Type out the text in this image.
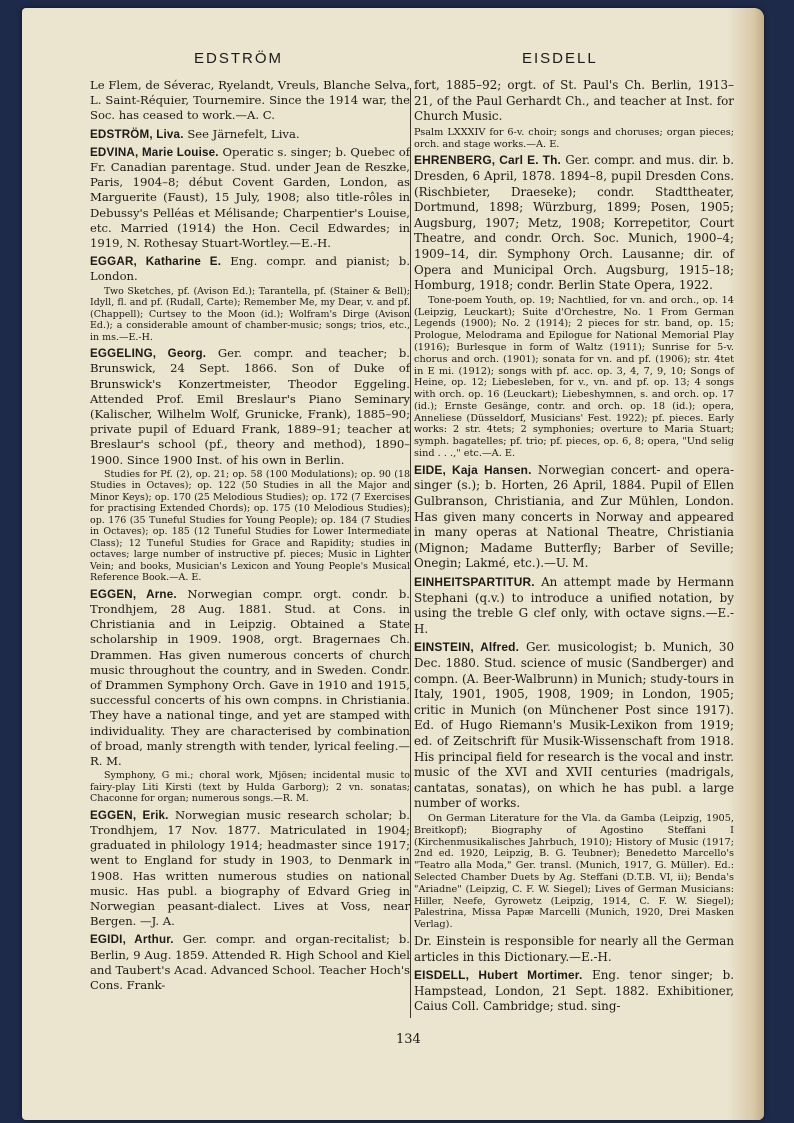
EDSTRÖM	EISDELL

Le Flem, de Séverac, Ryelandt, Vreuls, Blanche Selva, L. Saint-Réquier, Tournemire. Since the 1914 war, the Soc. has ceased to work.—A. C.

EDSTRÖM, Liva. See Järnefelt, Liva.

EDVINA, Marie Louise. Operatic s. singer; b. Quebec of Fr. Canadian parentage. Stud. under Jean de Reszke, Paris, 1904–8; début Covent Garden, London, as Marguerite (Faust), 15 July, 1908; also title-rôles in Debussy's Pelléas et Mélisande; Charpentier's Louise, etc. Married (1914) the Hon. Cecil Edwardes; in 1919, N. Rothesay Stuart-Wortley.—E.-H.

EGGAR, Katharine E. Eng. compr. and pianist; b. London.

Two Sketches, pf. (Avison Ed.); Tarantella, pf. (Stainer & Bell); Idyll, fl. and pf. (Rudall, Carte); Remember Me, my Dear, v. and pf. (Chappell); Curtsey to the Moon (id.); Wolfram's Dirge (Avison Ed.); a considerable amount of chamber-music; songs; trios, etc., in ms.—E.-H.

EGGELING, Georg. Ger. compr. and teacher; b. Brunswick, 24 Sept. 1866. Son of Duke of Brunswick's Konzertmeister, Theodor Eggeling. Attended Prof. Emil Breslaur's Piano Seminary (Kalischer, Wilhelm Wolf, Grunicke, Frank), 1885–90; private pupil of Eduard Frank, 1889–91; teacher at Breslaur's school (pf., theory and method), 1890–1900. Since 1900 Inst. of his own in Berlin.

Studies for Pf. (2), op. 21; op. 58 (100 Modulations); op. 90 (18 Studies in Octaves); op. 122 (50 Studies in all the Major and Minor Keys); op. 170 (25 Melodious Studies); op. 172 (7 Exercises for practising Extended Chords); op. 175 (10 Melodious Studies); op. 176 (35 Tuneful Studies for Young People); op. 184 (7 Studies in Octaves); op. 185 (12 Tuneful Studies for Lower Intermediate Class); 12 Tuneful Studies for Grace and Rapidity; studies in octaves; large number of instructive pf. pieces; Music in Lighter Vein; and books, Musician's Lexicon and Young People's Musical Reference Book.—A. E.

EGGEN, Arne. Norwegian compr. orgt. condr. b. Trondhjem, 28 Aug. 1881. Stud. at Cons. in Christiania and in Leipzig. Obtained a State scholarship in 1909. 1908, orgt. Bragernaes Ch. Drammen. Has given numerous concerts of church music throughout the country, and in Sweden. Condr. of Drammen Symphony Orch. Gave in 1910 and 1915, successful concerts of his own compns. in Christiania. They have a national tinge, and yet are stamped with individuality. They are characterised by combination of broad, manly strength with tender, lyrical feeling.—R. M.

Symphony, G mi.; choral work, Mjösen; incidental music to fairy-play Liti Kirsti (text by Hulda Garborg); 2 vn. sonatas; Chaconne for organ; numerous songs.—R. M.

EGGEN, Erik. Norwegian music research scholar; b. Trondhjem, 17 Nov. 1877. Matriculated in 1904; graduated in philology 1914; headmaster since 1917; went to England for study in 1903, to Denmark in 1908. Has written numerous studies on national music. Has publ. a biography of Edvard Grieg in Norwegian peasant-dialect. Lives at Voss, near Bergen. —J. A.

EGIDI, Arthur. Ger. compr. and organ-recitalist; b. Berlin, 9 Aug. 1859. Attended R. High School and Kiel and Taubert's Acad. Advanced School. Teacher Hoch's Cons. Frank-

fort, 1885–92; orgt. of St. Paul's Ch. Berlin, 1913–21, of the Paul Gerhardt Ch., and teacher at Inst. for Church Music.

Psalm LXXXIV for 6-v. choir; songs and choruses; organ pieces; orch. and stage works.—A. E.

EHRENBERG, Carl E. Th. Ger. compr. and mus. dir. b. Dresden, 6 April, 1878. 1894–8, pupil Dresden Cons. (Rischbieter, Draeseke); condr. Stadttheater, Dortmund, 1898; Würzburg, 1899; Posen, 1905; Augsburg, 1907; Metz, 1908; Korrepetitor, Court Theatre, and condr. Orch. Soc. Munich, 1900–4; 1909–14, dir. Symphony Orch. Lausanne; dir. of Opera and Municipal Orch. Augsburg, 1915–18; Homburg, 1918; condr. Berlin State Opera, 1922.

Tone-poem Youth, op. 19; Nachtlied, for vn. and orch., op. 14 (Leipzig, Leuckart); Suite d'Orchestre, No. 1 From German Legends (1900); No. 2 (1914); 2 pieces for str. band, op. 15; Prologue, Melodrama and Epilogue for National Memorial Play (1916); Burlesque in form of Waltz (1911); Sunrise for 5-v. chorus and orch. (1901); sonata for vn. and pf. (1906); str. 4tet in E mi. (1912); songs with pf. acc. op. 3, 4, 7, 9, 10; Songs of Heine, op. 12; Liebesleben, for v., vn. and pf. op. 13; 4 songs with orch. op. 16 (Leuckart); Liebeshymnen, s. and orch. op. 17 (id.); Ernste Gesänge, contr. and orch. op. 18 (id.); opera, Anneliese (Düsseldorf, Musicians' Fest. 1922); pf. pieces. Early works: 2 str. 4tets; 2 symphonies; overture to Maria Stuart; symph. bagatelles; pf. trio; pf. pieces, op. 6, 8; opera, "Und selig sind . . .," etc.—A. E.

EIDE, Kaja Hansen. Norwegian concert- and opera-singer (s.); b. Horten, 26 April, 1884. Pupil of Ellen Gulbranson, Christiania, and Zur Mühlen, London. Has given many concerts in Norway and appeared in many operas at National Theatre, Christiania (Mignon; Madame Butterfly; Barber of Seville; Onegin; Lakmé, etc.).—U. M.

EINHEITSPARTITUR. An attempt made by Hermann Stephani (q.v.) to introduce a unified notation, by using the treble G clef only, with octave signs.—E.-H.

EINSTEIN, Alfred. Ger. musicologist; b. Munich, 30 Dec. 1880. Stud. science of music (Sandberger) and compn. (A. Beer-Walbrunn) in Munich; study-tours in Italy, 1901, 1905, 1908, 1909; in London, 1905; critic in Munich (on Münchener Post since 1917). Ed. of Hugo Riemann's Musik-Lexikon from 1919; ed. of Zeitschrift für Musik-Wissenschaft from 1918. His principal field for research is the vocal and instr. music of the XVI and XVII centuries (madrigals, cantatas, sonatas), on which he has publ. a large number of works.

On German Literature for the Vla. da Gamba (Leipzig, 1905, Breitkopf); Biography of Agostino Steffani I (Kirchenmusikalisches Jahrbuch, 1910); History of Music (1917; 2nd ed. 1920, Leipzig, B. G. Teubner); Benedetto Marcello's "Teatro alla Moda," Ger. transl. (Munich, 1917, G. Müller). Ed.: Selected Chamber Duets by Ag. Steffani (D.T.B. VI, ii); Benda's "Ariadne" (Leipzig, C. F. W. Siegel); Lives of German Musicians: Hiller, Neefe, Gyrowetz (Leipzig, 1914, C. F. W. Siegel); Palestrina, Missa Papæ Marcelli (Munich, 1920, Drei Masken Verlag).

Dr. Einstein is responsible for nearly all the German articles in this Dictionary.—E.-H.

EISDELL, Hubert Mortimer. Eng. tenor singer; b. Hampstead, London, 21 Sept. 1882. Exhibitioner, Caius Coll. Cambridge; stud. sing-

134
